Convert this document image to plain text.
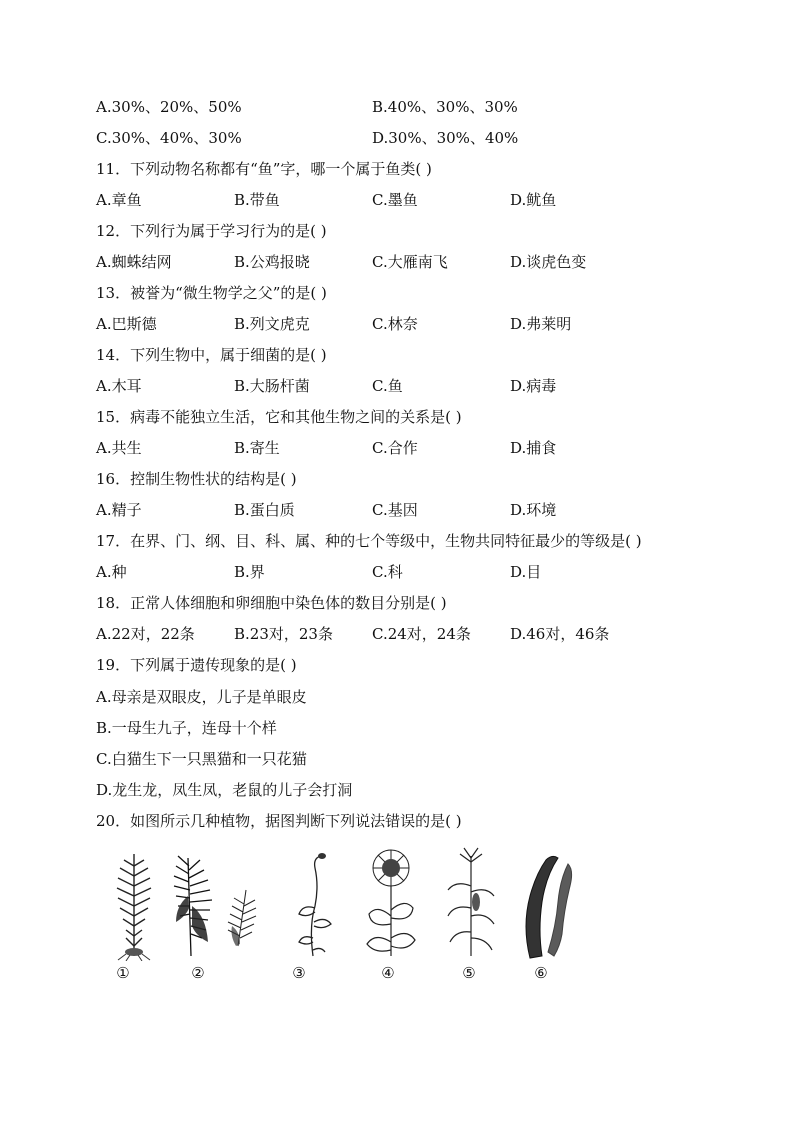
A.30%、20%、50%	B.40%、30%、30%
C.30%、40%、30%	D.30%、30%、40%
11．下列动物名称都有“鱼”字，哪一个属于鱼类( )
A.章鱼	B.带鱼	C.墨鱼	D.鱿鱼
12．下列行为属于学习行为的是( )
A.蜘蛛结网	B.公鸡报晓	C.大雁南飞	D.谈虎色变
13．被誉为“微生物学之父”的是( )
A.巴斯德	B.列文虎克	C.林奈	D.弗莱明
14．下列生物中，属于细菌的是( )
A.木耳	B.大肠杆菌	C.鱼	D.病毒
15．病毒不能独立生活，它和其他生物之间的关系是( )
A.共生	B.寄生	C.合作	D.捕食
16．控制生物性状的结构是( )
A.精子	B.蛋白质	C.基因	D.环境
17．在界、门、纲、目、科、属、种的七个等级中，生物共同特征最少的等级是( )
A.种	B.界	C.科	D.目
18．正常人体细胞和卵细胞中染色体的数目分别是( )
A.22对，22条	B.23对，23条	C.24对，24条	D.46对，46条
19．下列属于遗传现象的是( )
A.母亲是双眼皮，儿子是单眼皮
B.一母生九子，连母十个样
C.白猫生下一只黑猫和一只花猫
D.龙生龙，凤生凤，老鼠的儿子会打洞
20．如图所示几种植物，据图判断下列说法错误的是( )
①	②	③	④	⑤	⑥
